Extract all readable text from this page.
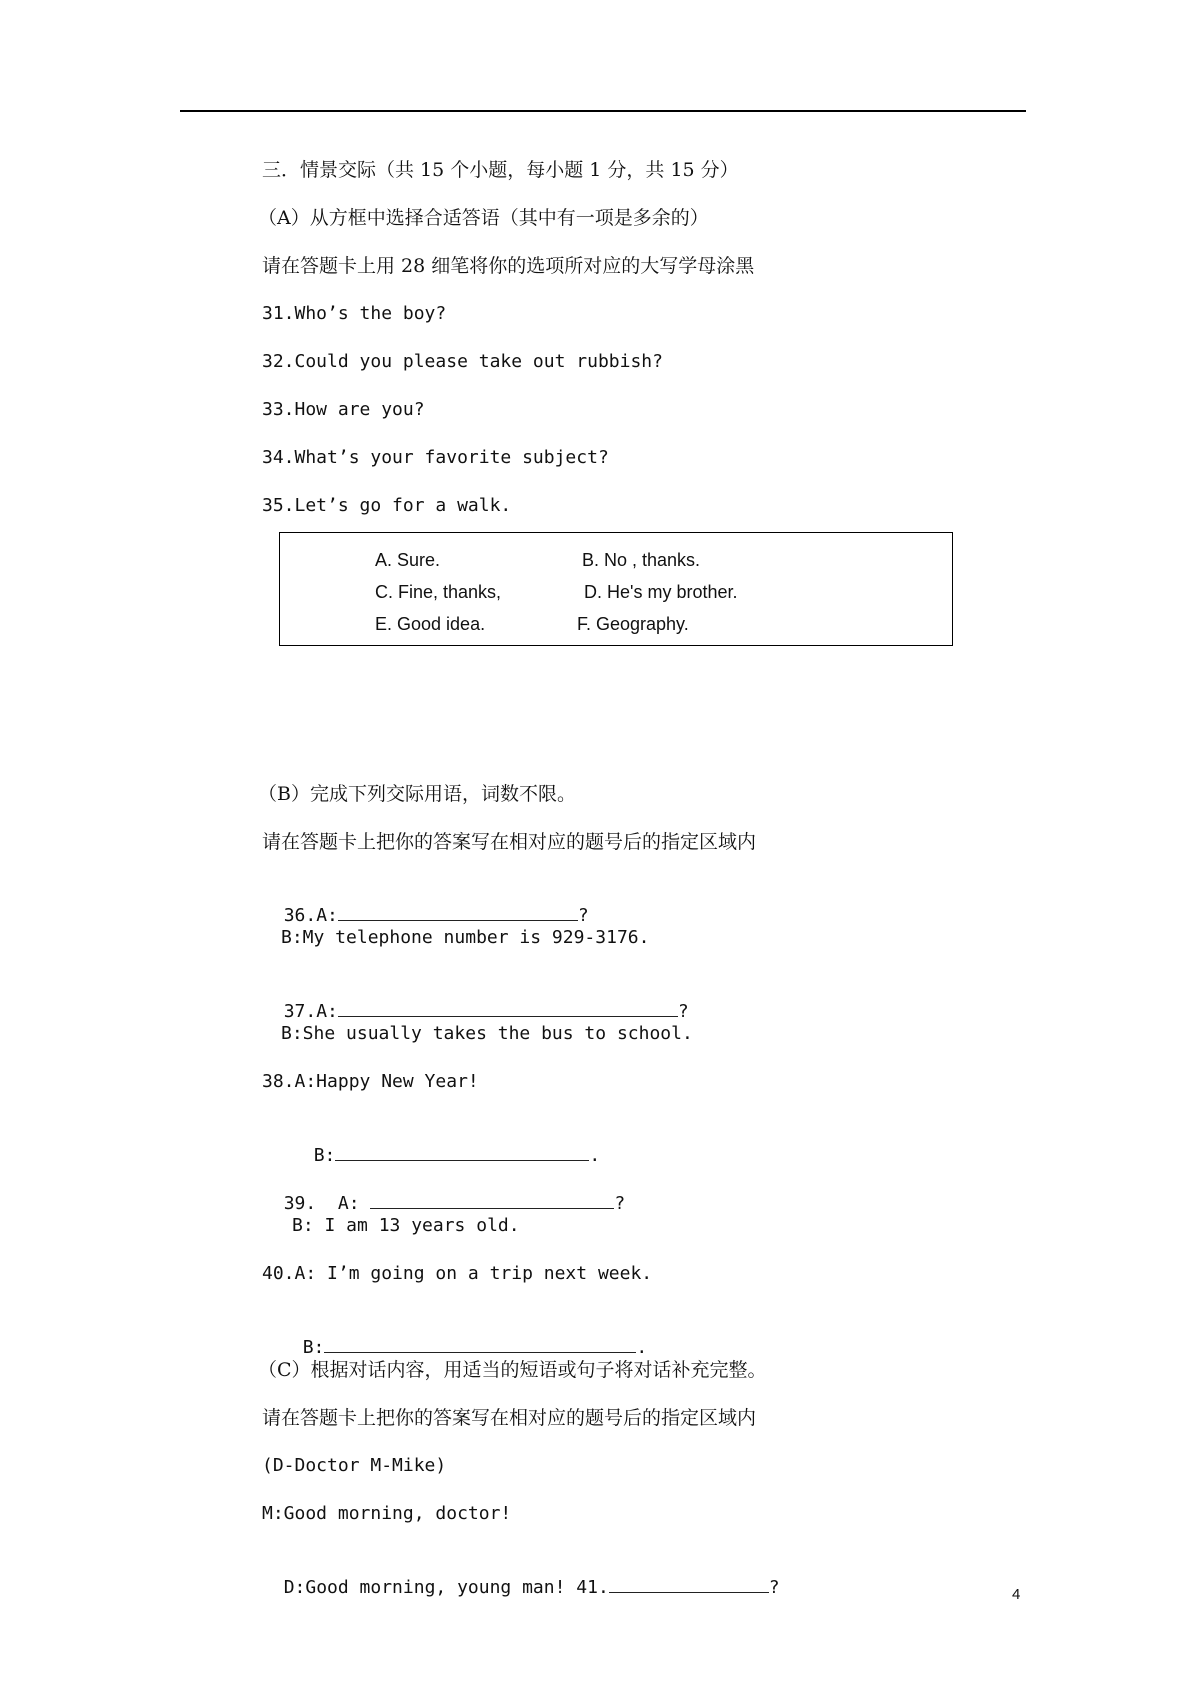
三．情景交际（共 15 个小题，每小题 1 分，共 15 分）
（A）从方框中选择合适答语（其中有一项是多余的）
请在答题卡上用 28 细笔将你的选项所对应的大写学母涂黑
31.Who’s the boy?
32.Could you please take out rubbish?
33.How are you?
34.What’s your favorite subject?
35.Let’s go for a walk.
A. Sure.	B. No , thanks.
C. Fine, thanks,	D. He's my brother.
E. Good idea.	F. Geography.
（B）完成下列交际用语，词数不限。
请在答题卡上把你的答案写在相对应的题号后的指定区域内

36.A:	?

B:My telephone number is 929-3176.

37.A:	?

B:She usually takes the bus to school.
38.A:Happy New Year!

B:	.

39.  A:	?

B: I am 13 years old.
40.A: I’m going on a trip next week.

B:	.

（C）根据对话内容，用适当的短语或句子将对话补充完整。
请在答题卡上把你的答案写在相对应的题号后的指定区域内
(D-Doctor M-Mike)
M:Good morning, doctor!

D:Good morning, young man! 41.	?	4
